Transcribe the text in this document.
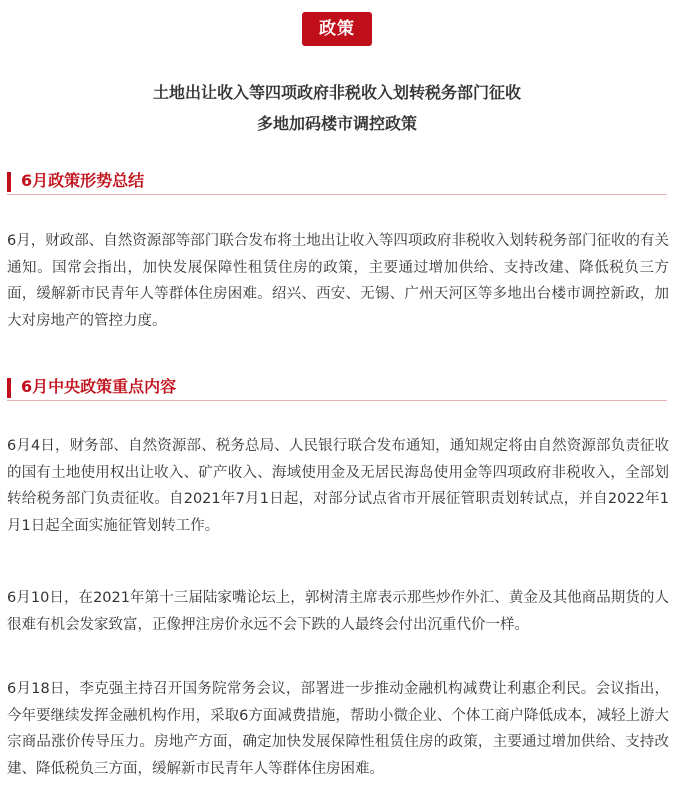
政策
土地出让收入等四项政府非税收入划转税务部门征收
多地加码楼市调控政策
6月政策形势总结

6月，财政部、自然资源部等部门联合发布将土地出让收入等四项政府非税收入划转税务部门征收的有关通知。国常会指出，加快发展保障性租赁住房的政策，主要通过增加供给、支持改建、降低税负三方面，缓解新市民青年人等群体住房困难。绍兴、西安、无锡、广州天河区等多地出台楼市调控新政，加大对房地产的管控力度。

6月中央政策重点内容

6月4日，财务部、自然资源部、税务总局、人民银行联合发布通知，通知规定将由自然资源部负责征收的国有土地使用权出让收入、矿产收入、海域使用金及无居民海岛使用金等四项政府非税收入，全部划转给税务部门负责征收。自2021年7月1日起，对部分试点省市开展征管职责划转试点，并自2022年1月1日起全面实施征管划转工作。

6月10日，在2021年第十三届陆家嘴论坛上，郭树清主席表示那些炒作外汇、黄金及其他商品期货的人很难有机会发家致富，正像押注房价永远不会下跌的人最终会付出沉重代价一样。

6月18日，李克强主持召开国务院常务会议，部署进一步推动金融机构减费让利惠企利民。会议指出，今年要继续发挥金融机构作用，采取6方面减费措施，帮助小微企业、个体工商户降低成本，减轻上游大宗商品涨价传导压力。房地产方面，确定加快发展保障性租赁住房的政策，主要通过增加供给、支持改建、降低税负三方面，缓解新市民青年人等群体住房困难。
